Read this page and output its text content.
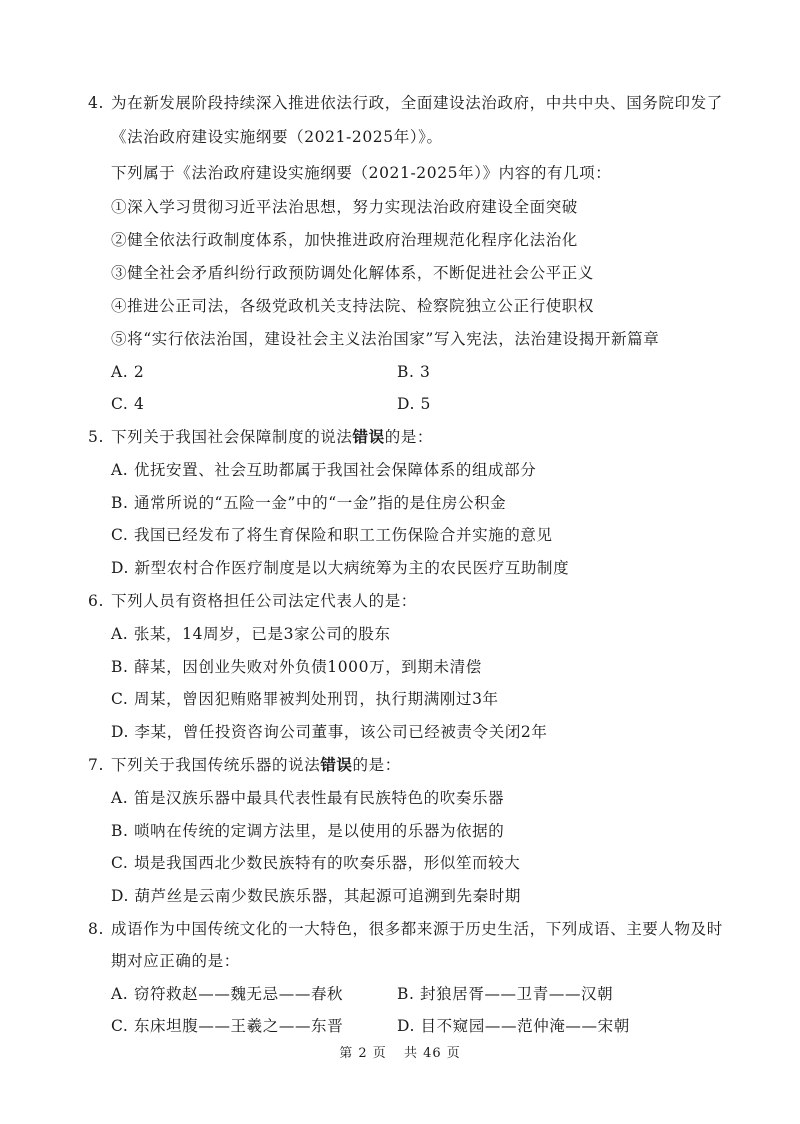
4. 为在新发展阶段持续深入推进依法行政，全面建设法治政府，中共中央、国务院印发了
《法治政府建设实施纲要（2021-2025年）》。
下列属于《法治政府建设实施纲要（2021-2025年）》内容的有几项：
①深入学习贯彻习近平法治思想，努力实现法治政府建设全面突破
②健全依法行政制度体系，加快推进政府治理规范化程序化法治化
③健全社会矛盾纠纷行政预防调处化解体系，不断促进社会公平正义
④推进公正司法，各级党政机关支持法院、检察院独立公正行使职权
⑤将“实行依法治国，建设社会主义法治国家”写入宪法，法治建设揭开新篇章
A. 2	B. 3
C. 4	D. 5
5. 下列关于我国社会保障制度的说法错误的是：
A. 优抚安置、社会互助都属于我国社会保障体系的组成部分
B. 通常所说的“五险一金”中的“一金”指的是住房公积金
C. 我国已经发布了将生育保险和职工工伤保险合并实施的意见
D. 新型农村合作医疗制度是以大病统筹为主的农民医疗互助制度
6. 下列人员有资格担任公司法定代表人的是：
A. 张某，14周岁，已是3家公司的股东
B. 薛某，因创业失败对外负债1000万，到期未清偿
C. 周某，曾因犯贿赂罪被判处刑罚，执行期满刚过3年
D. 李某，曾任投资咨询公司董事，该公司已经被责令关闭2年
7. 下列关于我国传统乐器的说法错误的是：
A. 笛是汉族乐器中最具代表性最有民族特色的吹奏乐器
B. 唢呐在传统的定调方法里，是以使用的乐器为依据的
C. 埙是我国西北少数民族特有的吹奏乐器，形似笙而较大
D. 葫芦丝是云南少数民族乐器，其起源可追溯到先秦时期
8. 成语作为中国传统文化的一大特色，很多都来源于历史生活，下列成语、主要人物及时
期对应正确的是：
A. 窃符救赵——魏无忌——春秋	B. 封狼居胥——卫青——汉朝
C. 东床坦腹——王羲之——东晋	D. 目不窥园——范仲淹——宋朝
第 2 页 共 46 页
